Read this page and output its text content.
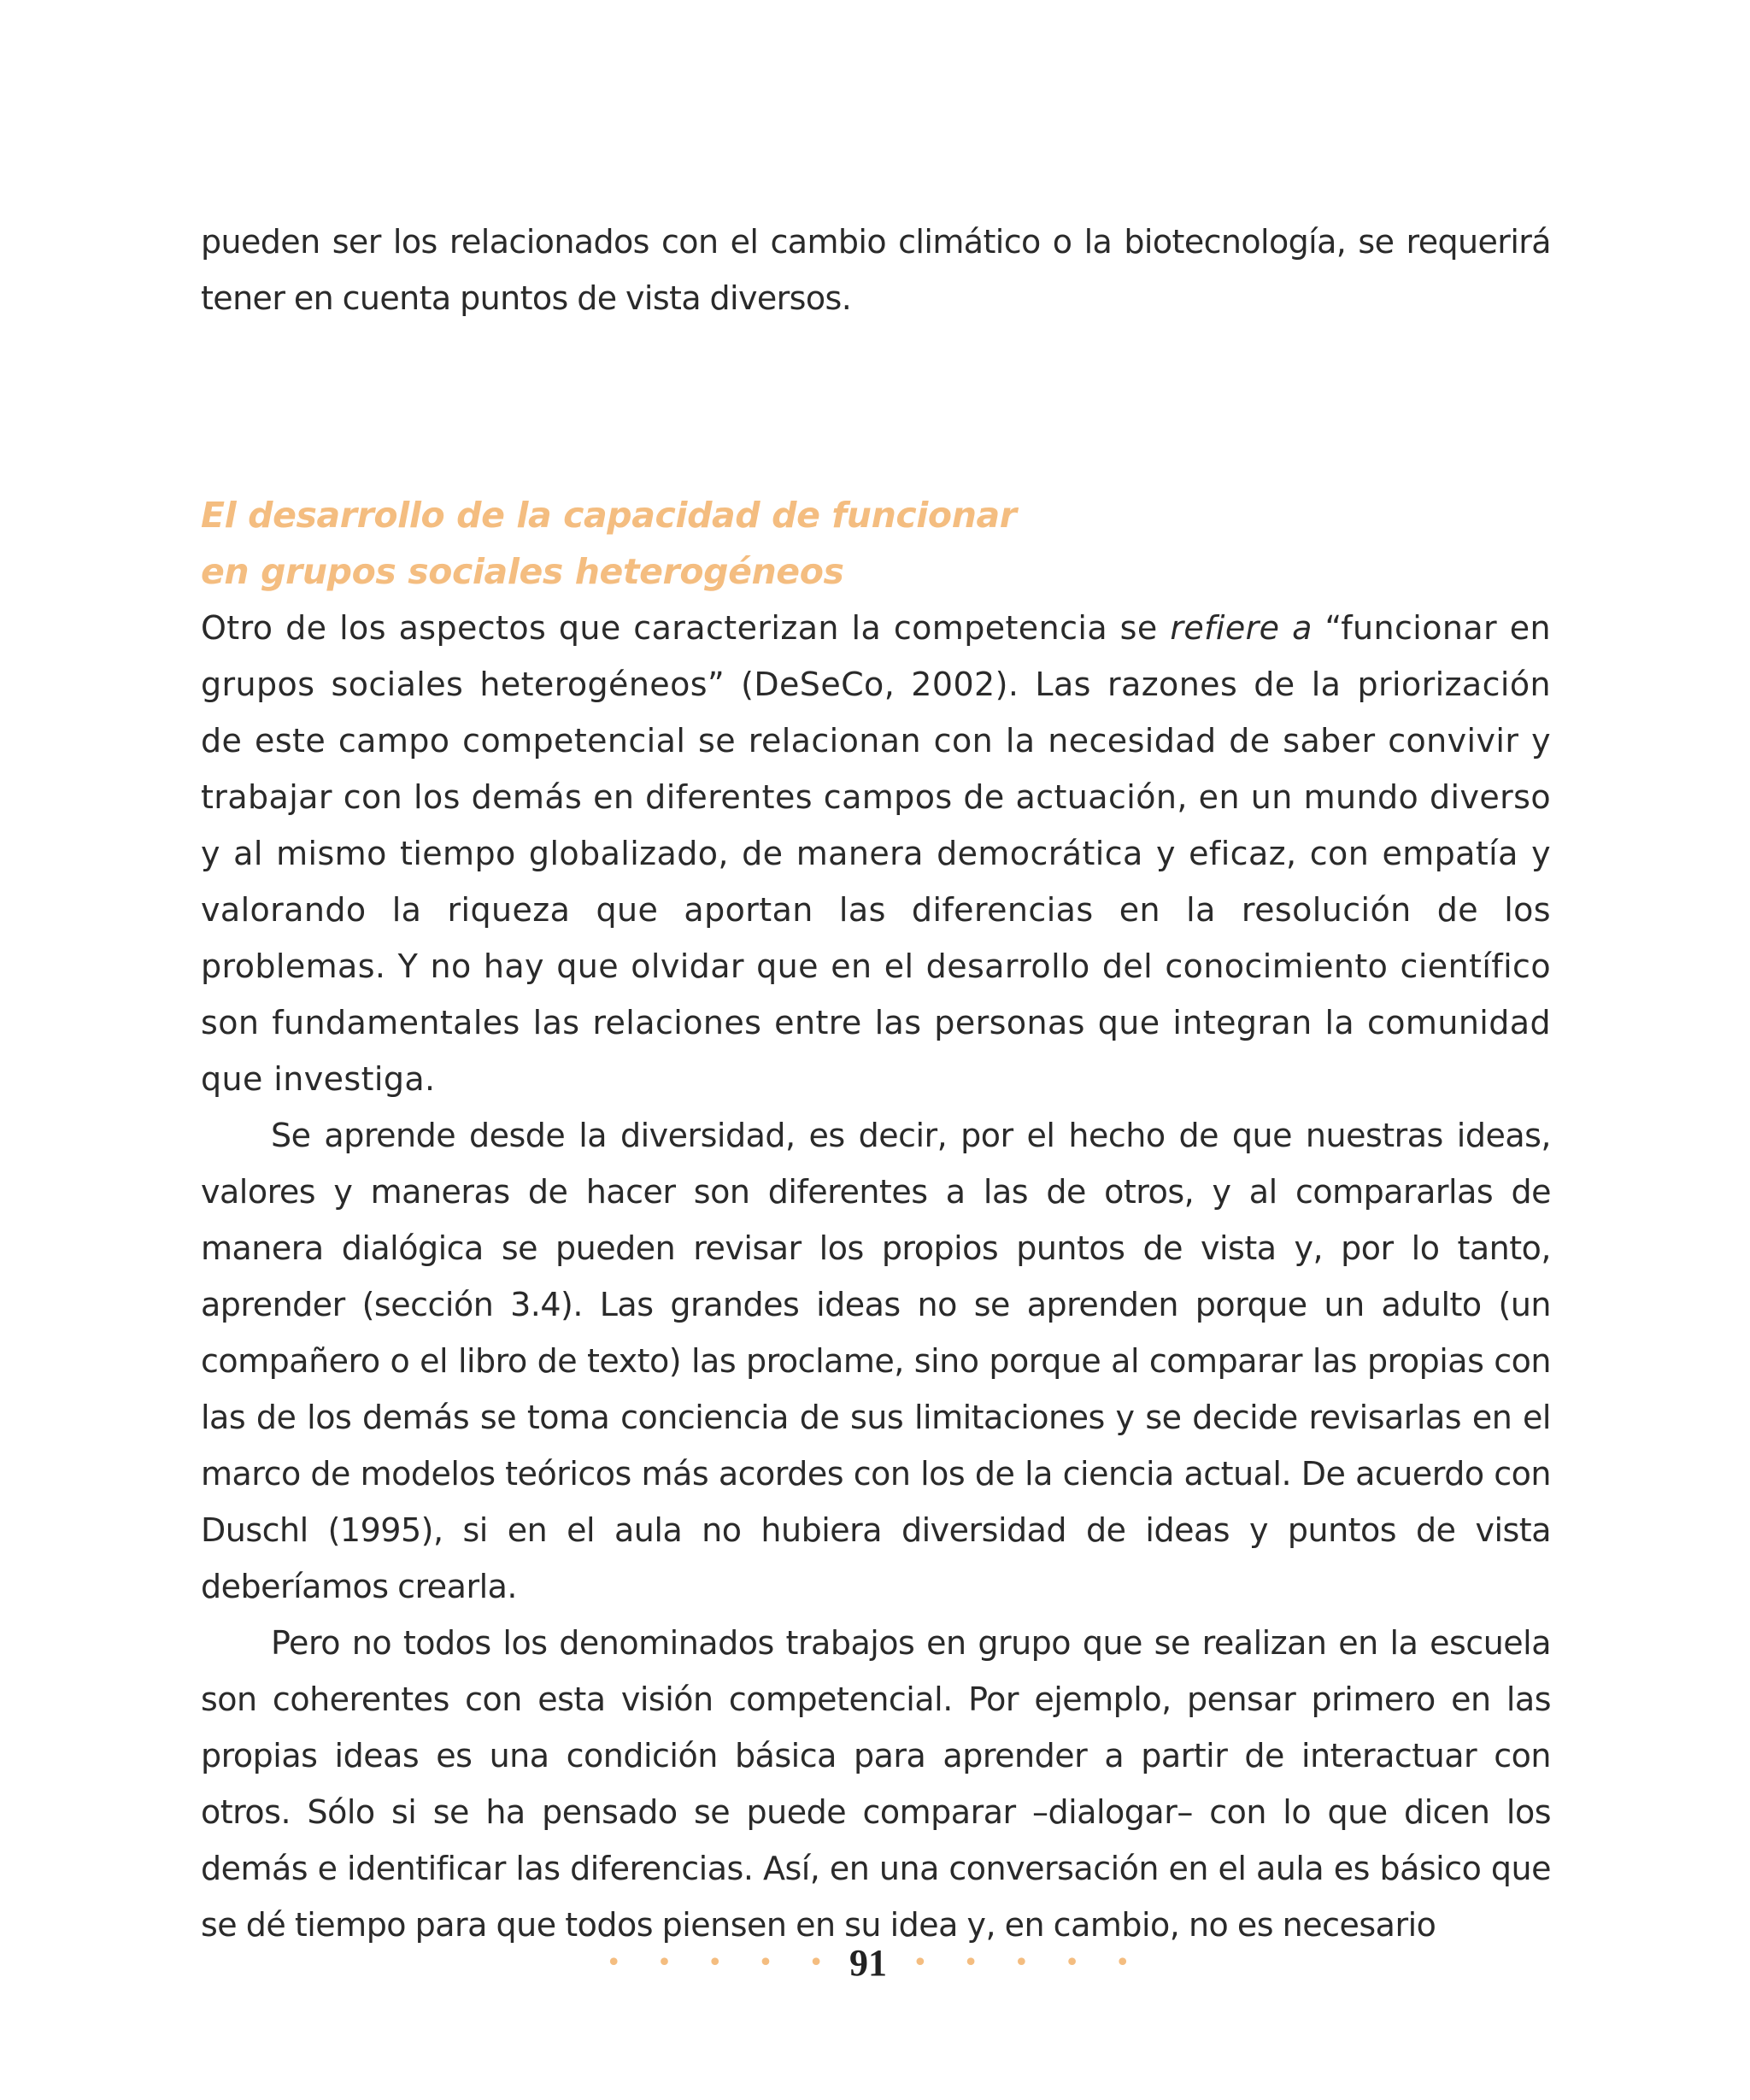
pueden ser los relacionados con el cambio climático o la biotecnología, se requerirá tener en cuenta puntos de vista diversos.

El desarrollo de la capacidad de funcionar
en grupos sociales heterogéneos

Otro de los aspectos que caracterizan la competencia se refiere a “funcionar en grupos sociales heterogéneos” (DeSeCo, 2002). Las razones de la priorización de este campo competencial se relacionan con la necesidad de saber convivir y trabajar con los demás en diferentes campos de actuación, en un mundo diverso y al mismo tiempo globalizado, de manera democrática y eficaz, con empatía y valorando la riqueza que aportan las diferencias en la resolución de los problemas. Y no hay que olvidar que en el desarrollo del conocimiento científico son fundamentales las relaciones entre las personas que integran la comunidad que investiga.

Se aprende desde la diversidad, es decir, por el hecho de que nuestras ideas, valores y maneras de hacer son diferentes a las de otros, y al compararlas de manera dialógica se pueden revisar los propios puntos de vista y, por lo tanto, aprender (sección 3.4). Las grandes ideas no se aprenden porque un adulto (un compañero o el libro de texto) las proclame, sino porque al comparar las propias con las de los demás se toma conciencia de sus limitaciones y se decide revisarlas en el marco de modelos teóricos más acordes con los de la ciencia actual. De acuerdo con Duschl (1995), si en el aula no hubiera diversidad de ideas y puntos de vista deberíamos crearla.

Pero no todos los denominados trabajos en grupo que se realizan en la escuela son coherentes con esta visión competencial. Por ejemplo, pensar primero en las propias ideas es una condición básica para aprender a partir de interactuar con otros. Sólo si se ha pensado se puede comparar –dialogar– con lo que dicen los demás e identificar las diferencias. Así, en una conversación en el aula es básico que se dé tiempo para que todos piensen en su idea y, en cambio, no es necesario

• • • • • 91 • • • • •
